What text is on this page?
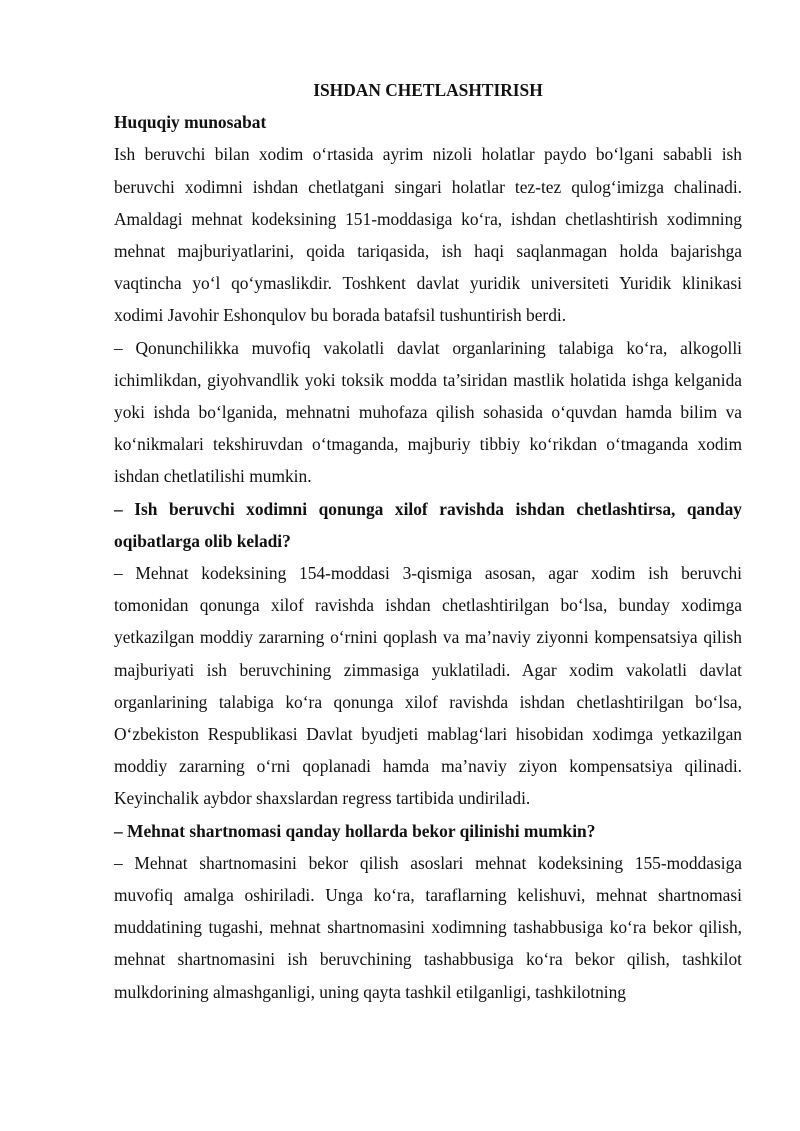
ISHDAN CHETLASHTIRISH
Huquqiy munosabat

Ish beruvchi bilan xodim o‘rtasida ayrim nizoli holatlar paydo bo‘lgani sababli ish beruvchi xodimni ishdan chetlatgani singari holatlar tez-tez qulog‘imizga chalinadi. Amaldagi mehnat kodeksining 151-moddasiga ko‘ra, ishdan chetlashtirish xodimning mehnat majburiyatlarini, qoida tariqasida, ish haqi saqlanmagan holda bajarishga vaqtincha yo‘l qo‘ymaslikdir. Toshkent davlat yuridik universiteti Yuridik klinikasi xodimi Javohir Eshonqulov bu borada batafsil tushuntirish berdi.

– Qonunchilikka muvofiq vakolatli davlat organlarining talabiga ko‘ra, alkogolli ichimlikdan, giyohvandlik yoki toksik modda ta’siridan mastlik holatida ishga kelganida yoki ishda bo‘lganida, mehnatni muhofaza qilish sohasida o‘quvdan hamda bilim va ko‘nikmalari tekshiruvdan o‘tmaganda, majburiy tibbiy ko‘rikdan o‘tmaganda xodim ishdan chetlatilishi mumkin.

– Ish beruvchi xodimni qonunga xilof ravishda ishdan chetlashtirsa, qanday oqibatlarga olib keladi?

– Mehnat kodeksining 154-moddasi 3-qismiga asosan, agar xodim ish beruvchi tomonidan qonunga xilof ravishda ishdan chetlashtirilgan bo‘lsa, bunday xodimga yetkazilgan moddiy zararning o‘rnini qoplash va ma’naviy ziyonni kompensatsiya qilish majburiyati ish beruvchining zimmasiga yuklatiladi. Agar xodim vakolatli davlat organlarining talabiga ko‘ra qonunga xilof ravishda ishdan chetlashtirilgan bo‘lsa, O‘zbekiston Respublikasi Davlat byudjeti mablag‘lari hisobidan xodimga yetkazilgan moddiy zararning o‘rni qoplanadi hamda ma’naviy ziyon kompensatsiya qilinadi. Keyinchalik aybdor shaxslardan regress tartibida undiriladi.

– Mehnat shartnomasi qanday hollarda bekor qilinishi mumkin?

– Mehnat shartnomasini bekor qilish asoslari mehnat kodeksining 155-moddasiga muvofiq amalga oshiriladi. Unga ko‘ra, taraflarning kelishuvi, mehnat shartnomasi muddatining tugashi, mehnat shartnomasini xodimning tashabbusiga ko‘ra bekor qilish, mehnat shartnomasini ish beruvchining tashabbusiga ko‘ra bekor qilish, tashkilot mulkdorining almashganligi, uning qayta tashkil etilganligi, tashkilotning
